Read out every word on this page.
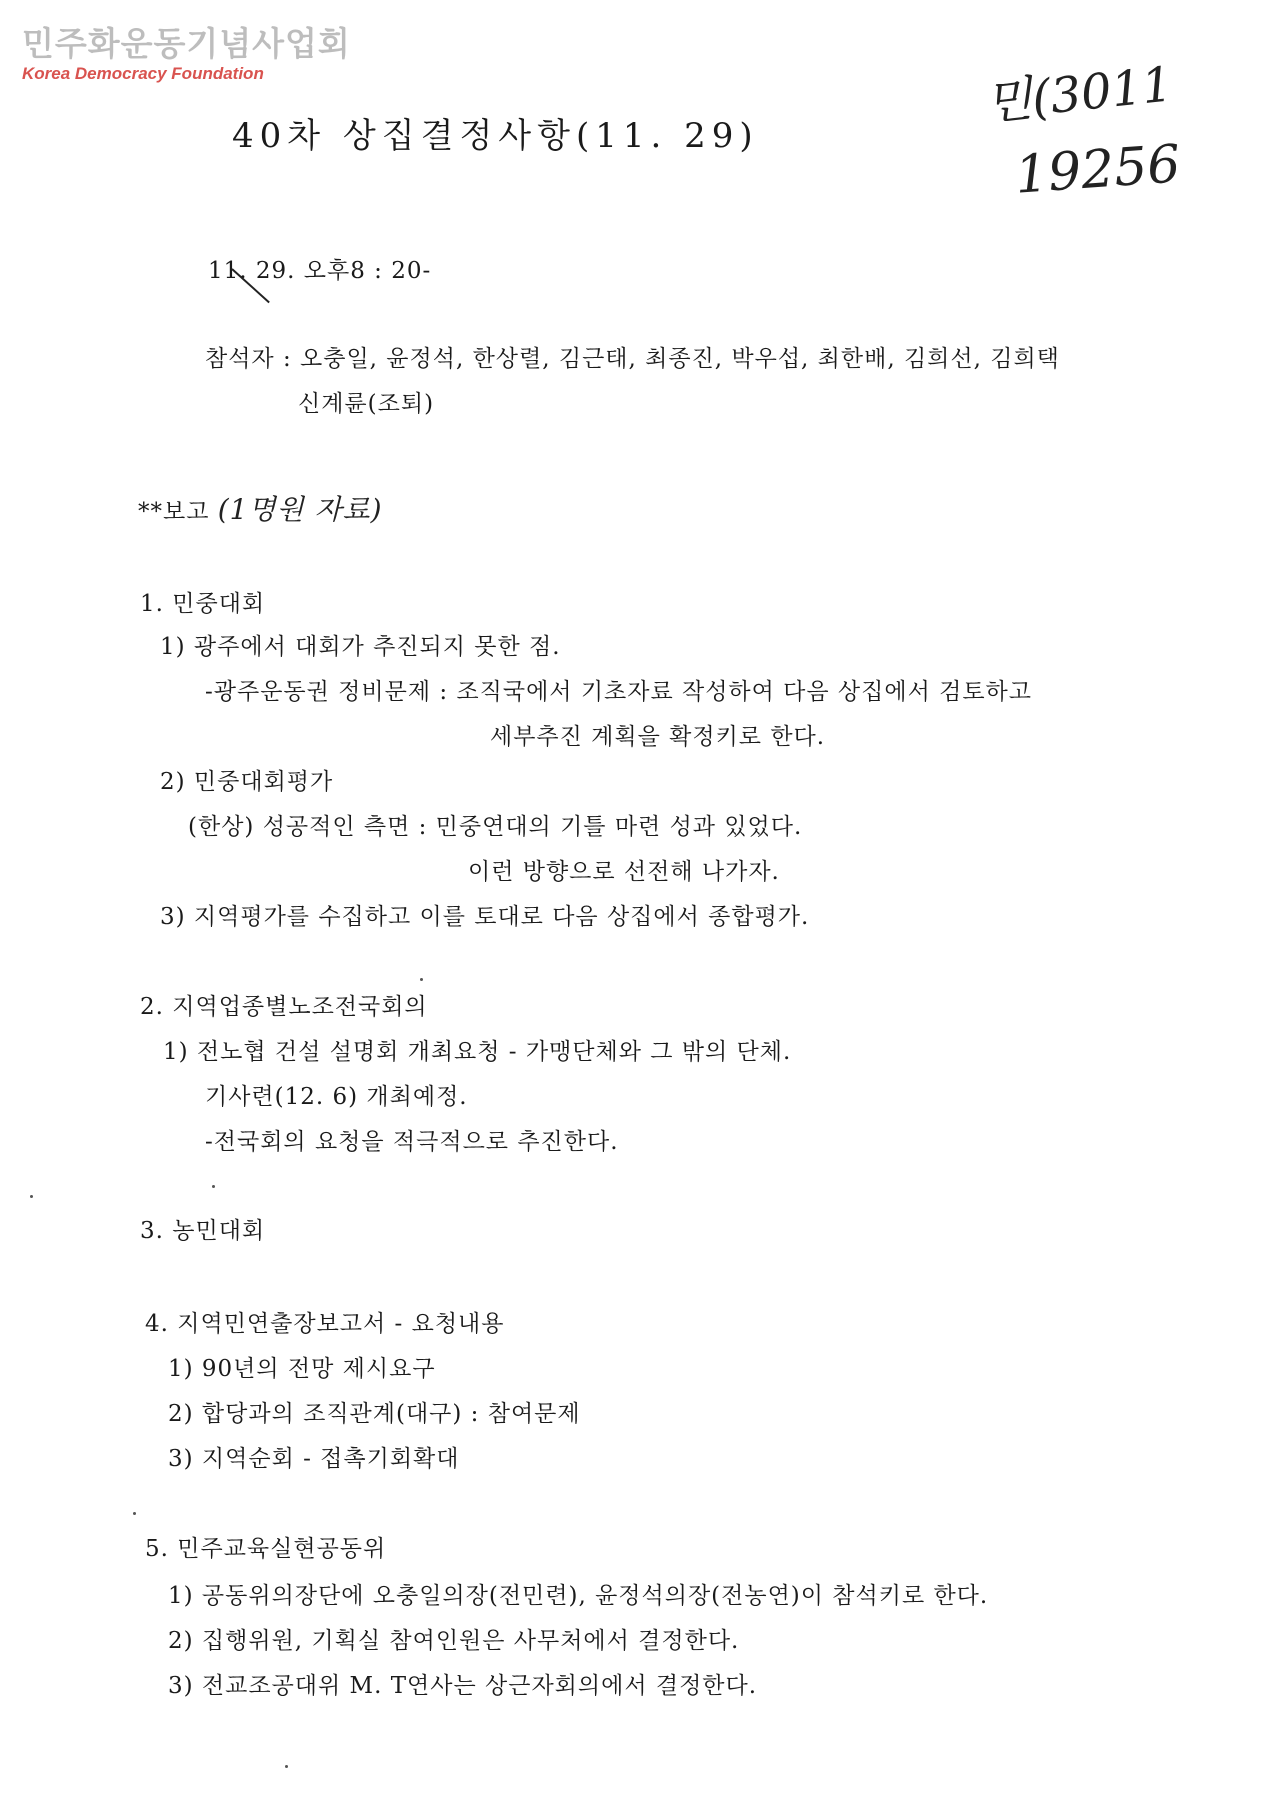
민주화운동기념사업회
Korea Democracy Foundation	민(3011
19256
40차 상집결정사항(11. 29)
11. 29. 오후8 : 20-
참석자 : 오충일, 윤정석, 한상렬, 김근태, 최종진, 박우섭, 최한배, 김희선, 김희택
신계륜(조퇴)
**보고 (1명원 자료)
1. 민중대회
1) 광주에서 대회가 추진되지 못한 점.
-광주운동권 정비문제 : 조직국에서 기초자료 작성하여 다음 상집에서 검토하고
세부추진 계획을 확정키로 한다.
2) 민중대회평가
(한상) 성공적인 측면 : 민중연대의 기틀 마련 성과 있었다.
이런 방향으로 선전해 나가자.
3) 지역평가를 수집하고 이를 토대로 다음 상집에서 종합평가.
2. 지역업종별노조전국회의
1) 전노협 건설 설명회 개최요청 - 가맹단체와 그 밖의 단체.
기사련(12. 6) 개최예정.
-전국회의 요청을 적극적으로 추진한다.
3. 농민대회
4. 지역민연출장보고서 - 요청내용
1) 90년의 전망 제시요구
2) 합당과의 조직관계(대구) : 참여문제
3) 지역순회 - 접촉기회확대
5. 민주교육실현공동위
1) 공동위의장단에 오충일의장(전민련), 윤정석의장(전농연)이 참석키로 한다.
2) 집행위원, 기획실 참여인원은 사무처에서 결정한다.
3) 전교조공대위 M. T연사는 상근자회의에서 결정한다.
